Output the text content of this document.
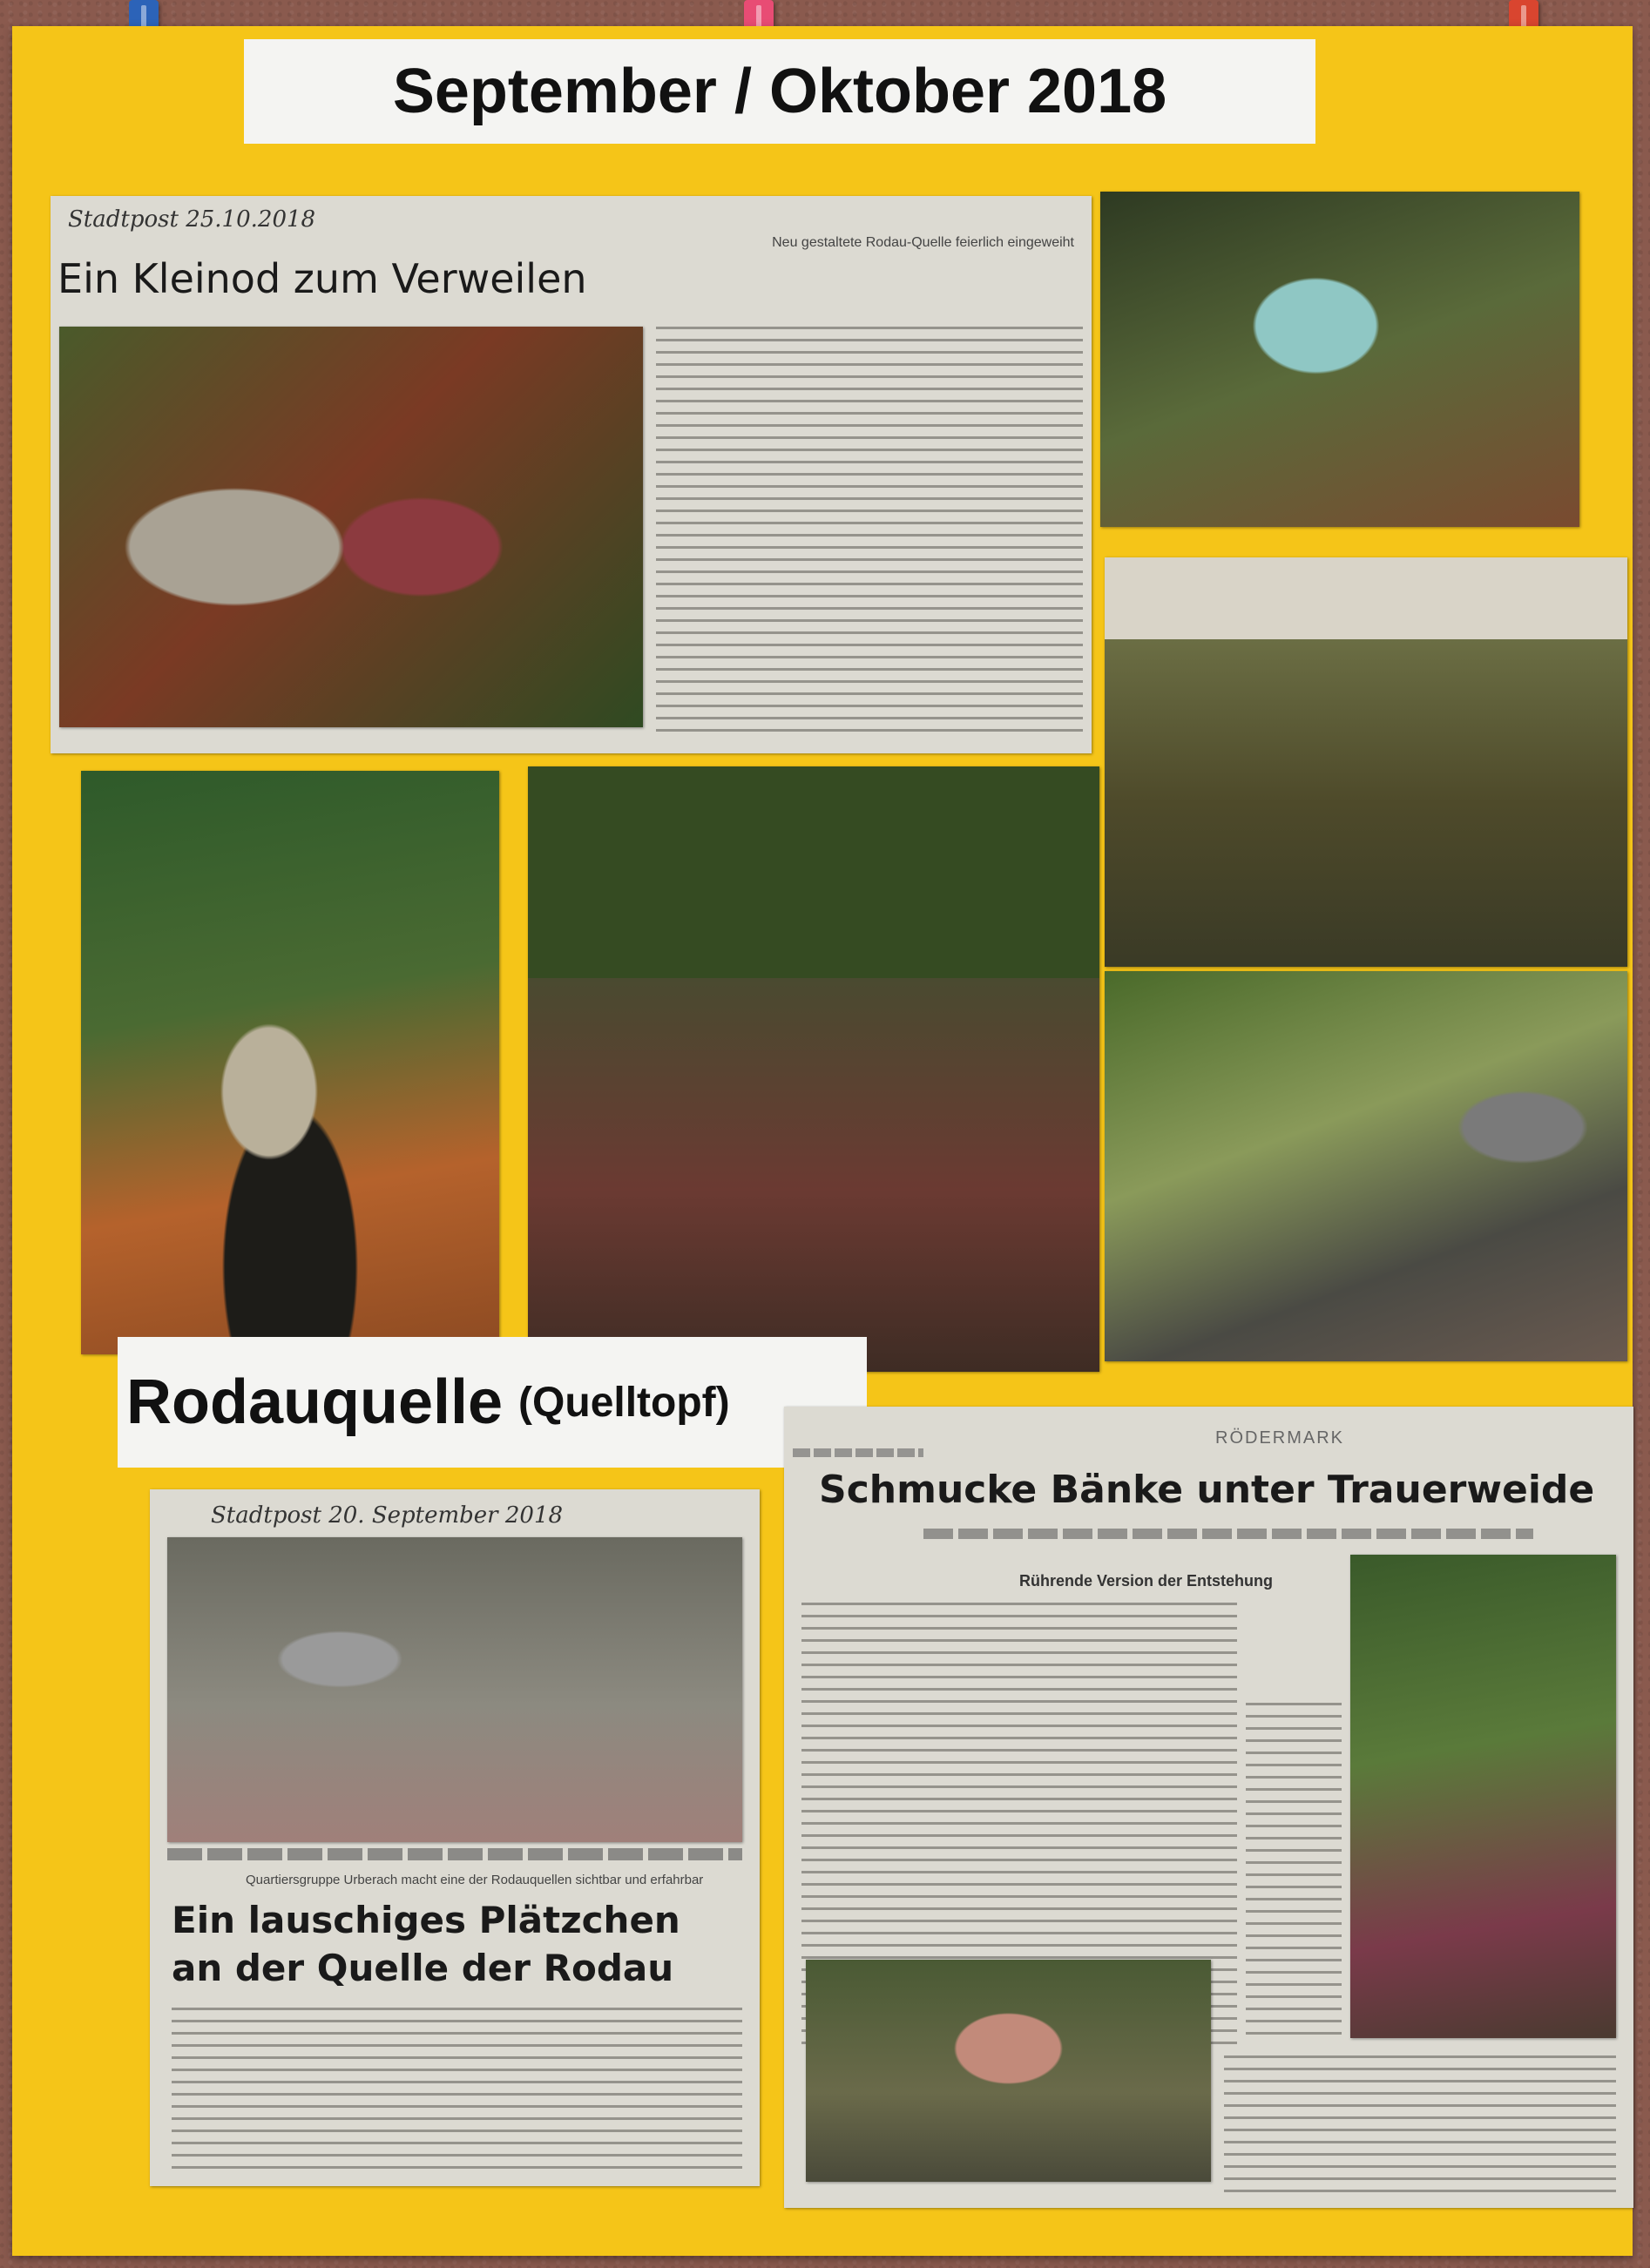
September / Oktober 2018
Stadtpost 25.10.2018
Neu gestaltete Rodau-Quelle feierlich eingeweiht
Ein Kleinod zum Verweilen
Rodauquelle (Quelltopf)
Stadtpost 20. September 2018
Quartiersgruppe Urberach macht eine der Rodauquellen sichtbar und erfahrbar
Ein lauschiges Plätzchen
an der Quelle der Rodau
RÖDERMARK
Schmucke Bänke unter Trauerweide
Rührende Version der Entstehung
